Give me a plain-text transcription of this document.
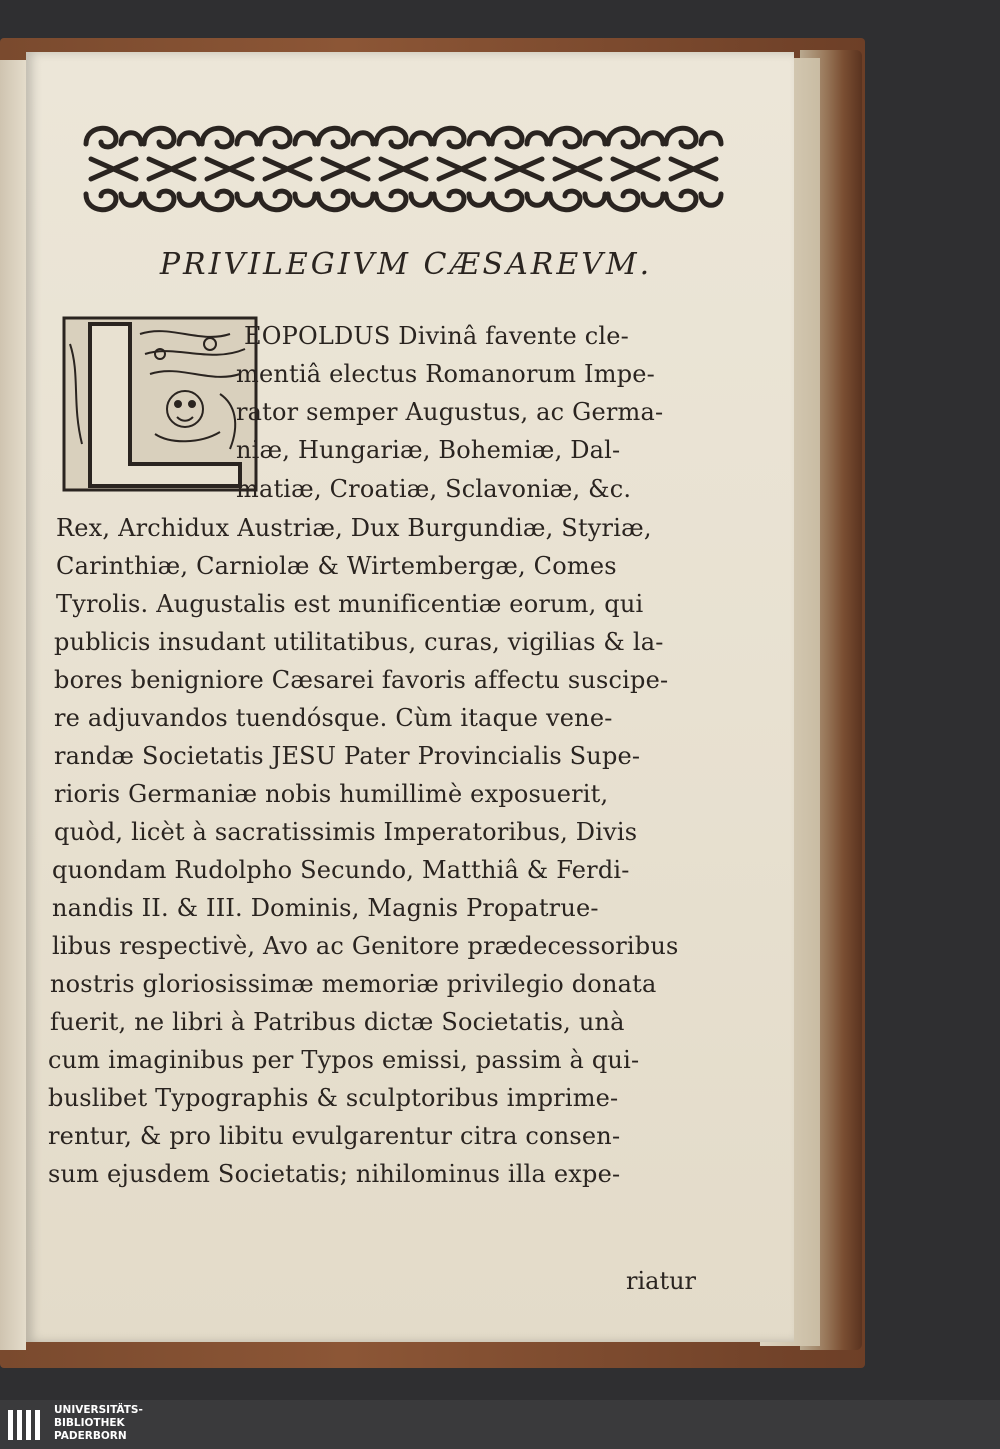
PRIVILEGIVM CÆSAREVM.
EOPOLDUS Divinâ favente cle-
mentiâ electus Romanorum Impe-
rator semper Augustus, ac Germa-
niæ, Hungariæ, Bohemiæ, Dal-
matiæ, Croatiæ, Sclavoniæ, &c.
Rex, Archidux Austriæ, Dux Burgundiæ, Styriæ,
Carinthiæ, Carniolæ & Wirtembergæ, Comes
Tyrolis. Augustalis est munificentiæ eorum, qui
publicis insudant utilitatibus, curas, vigilias & la-
bores benigniore Cæsarei favoris affectu suscipe-
re adjuvandos tuendósque. Cùm itaque vene-
randæ Societatis JESU Pater Provincialis Supe-
rioris Germaniæ nobis humillimè exposuerit,
quòd, licèt à sacratissimis Imperatoribus, Divis
quondam Rudolpho Secundo, Matthiâ & Ferdi-
nandis II. & III. Dominis, Magnis Propatrue-
libus respectivè, Avo ac Genitore prædecessoribus
nostris gloriosissimæ memoriæ privilegio donata
fuerit, ne libri à Patribus dictæ Societatis, unà
cum imaginibus per Typos emissi, passim à qui-
buslibet Typographis & sculptoribus imprime-
rentur, & pro libitu evulgarentur citra consen-
sum ejusdem Societatis; nihilominus illa expe-
riatur
UNIVERSITÄTS-
BIBLIOTHEK
PADERBORN
